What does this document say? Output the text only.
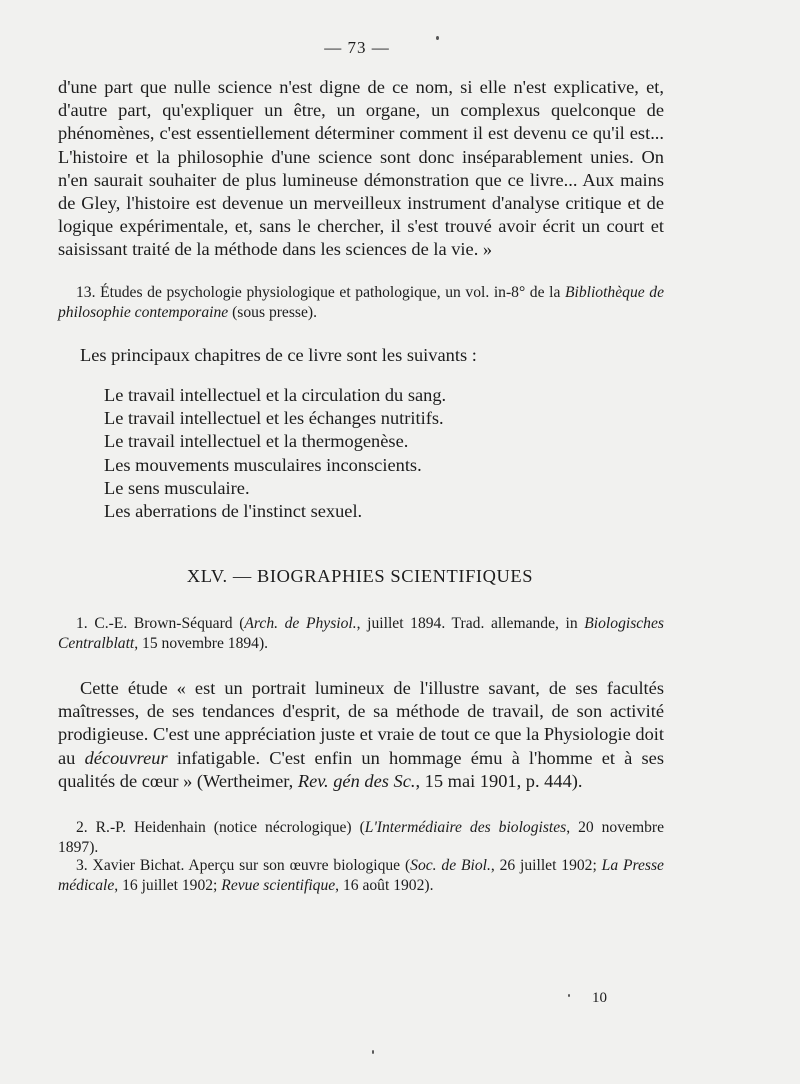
— 73 —
d'une part que nulle science n'est digne de ce nom, si elle n'est explicative, et, d'autre part, qu'expliquer un être, un organe, un complexus quelconque de phénomènes, c'est essentiellement déterminer comment il est devenu ce qu'il est... L'histoire et la philosophie d'une science sont donc inséparablement unies. On n'en saurait souhaiter de plus lumineuse démonstration que ce livre... Aux mains de Gley, l'histoire est devenue un merveilleux instrument d'analyse critique et de logique expérimentale, et, sans le chercher, il s'est trouvé avoir écrit un court et saisissant traité de la méthode dans les sciences de la vie. »
13. Études de psychologie physiologique et pathologique, un vol. in-8° de la Bibliothèque de philosophie contemporaine (sous presse).
Les principaux chapitres de ce livre sont les suivants :
Le travail intellectuel et la circulation du sang.
Le travail intellectuel et les échanges nutritifs.
Le travail intellectuel et la thermogenèse.
Les mouvements musculaires inconscients.
Le sens musculaire.
Les aberrations de l'instinct sexuel.
XLV. — BIOGRAPHIES SCIENTIFIQUES
1. C.-E. Brown-Séquard (Arch. de Physiol., juillet 1894. Trad. allemande, in Biologisches Centralblatt, 15 novembre 1894).
Cette étude « est un portrait lumineux de l'illustre savant, de ses facultés maîtresses, de ses tendances d'esprit, de sa méthode de travail, de son activité prodigieuse. C'est une appréciation juste et vraie de tout ce que la Physiologie doit au découvreur infatigable. C'est enfin un hommage ému à l'homme et à ses qualités de cœur » (Wertheimer, Rev. gén des Sc., 15 mai 1901, p. 444).
2. R.-P. Heidenhain (notice nécrologique) (L'Intermédiaire des biologistes, 20 novembre 1897).
3. Xavier Bichat. Aperçu sur son œuvre biologique (Soc. de Biol., 26 juillet 1902; La Presse médicale, 16 juillet 1902; Revue scientifique, 16 août 1902).
10
